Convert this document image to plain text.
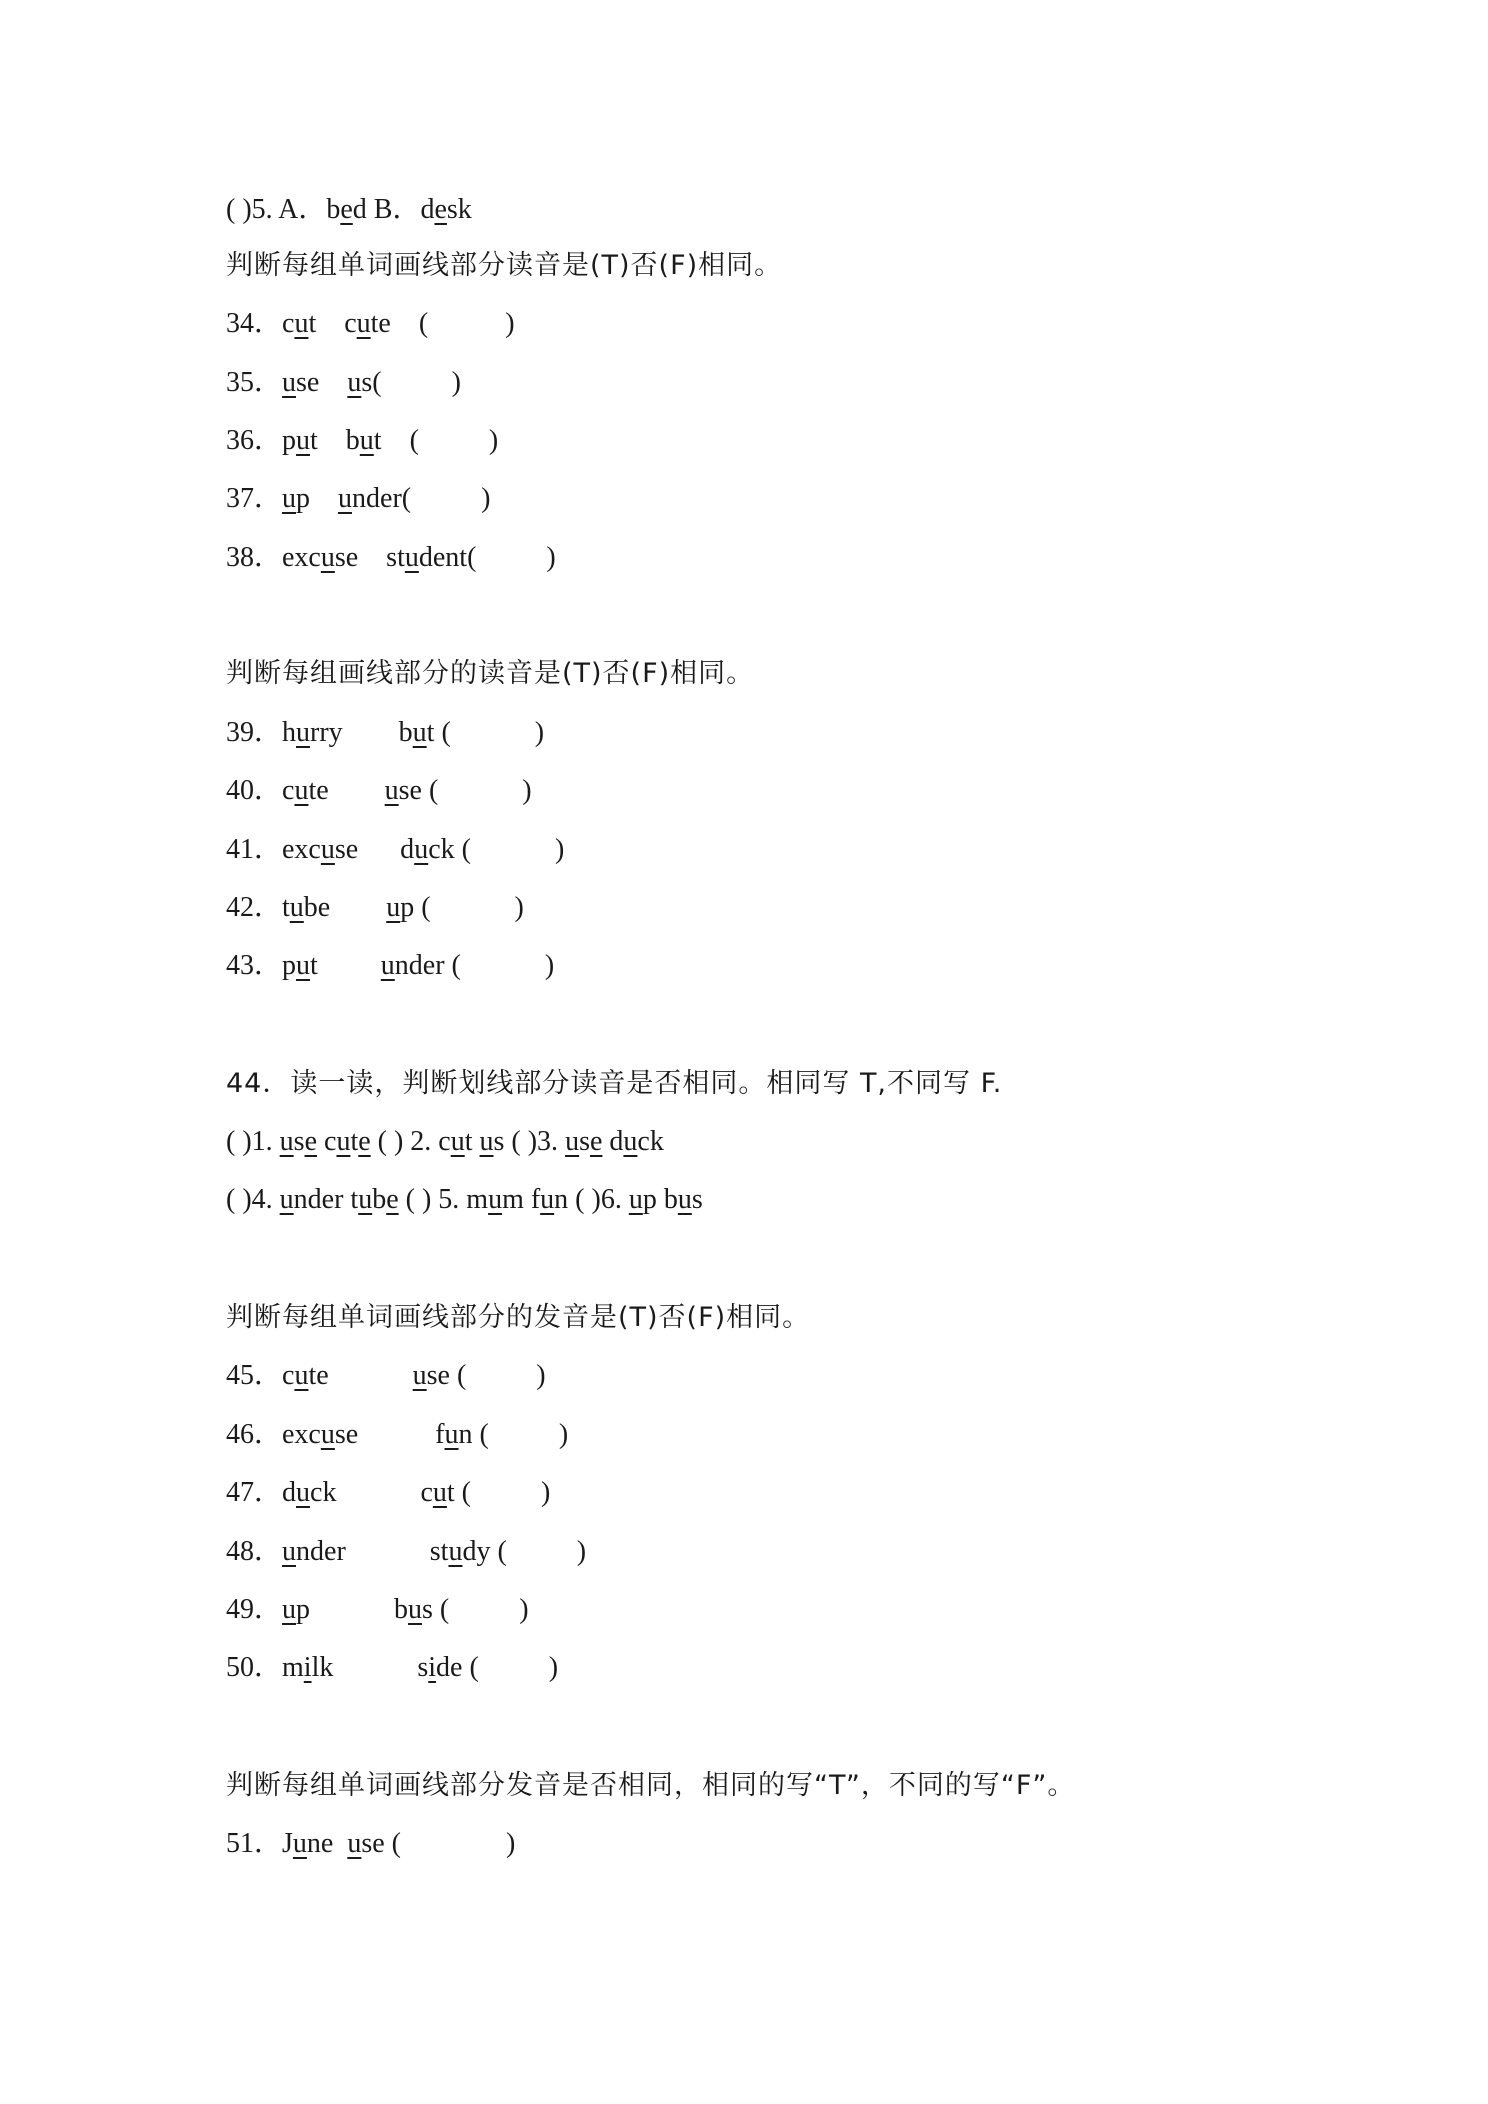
( )5. A．bed B．desk

判断每组单词画线部分读音是(T)否(F)相同。

34．cut    cute    (           )

35．use    us(          )

36．put    but    (          )

37．up    under(          )

38．excuse    student(          )

判断每组画线部分的读音是(T)否(F)相同。

39．hurry        but (            )

40．cute        use (            )

41．excuse      duck (            )

42．tube        up (            )

43．put         under (            )

44．读一读，判断划线部分读音是否相同。相同写 T,不同写 F.

( )1. use cute ( ) 2. cut us ( )3. use duck

( )4. under tube ( ) 5. mum fun ( )6. up bus

判断每组单词画线部分的发音是(T)否(F)相同。

45．cute            use (          )

46．excuse           fun (          )

47．duck            cut (          )

48．under            study (          )

49．up            bus (          )

50．milk            side (          )

判断每组单词画线部分发音是否相同，相同的写“T”，不同的写“F”。

51．June  use (               )
